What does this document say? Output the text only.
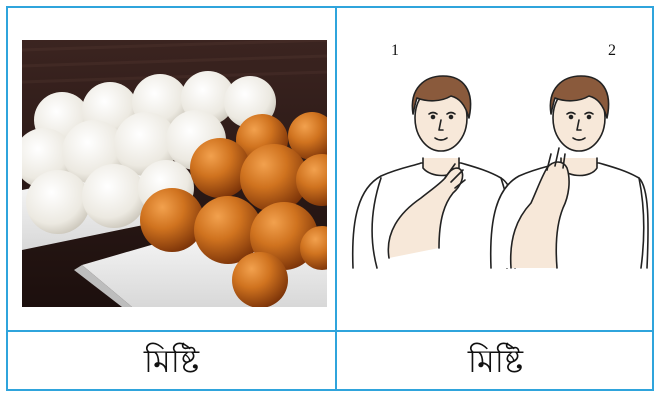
1	2
মিষ্টি	মিষ্টি
